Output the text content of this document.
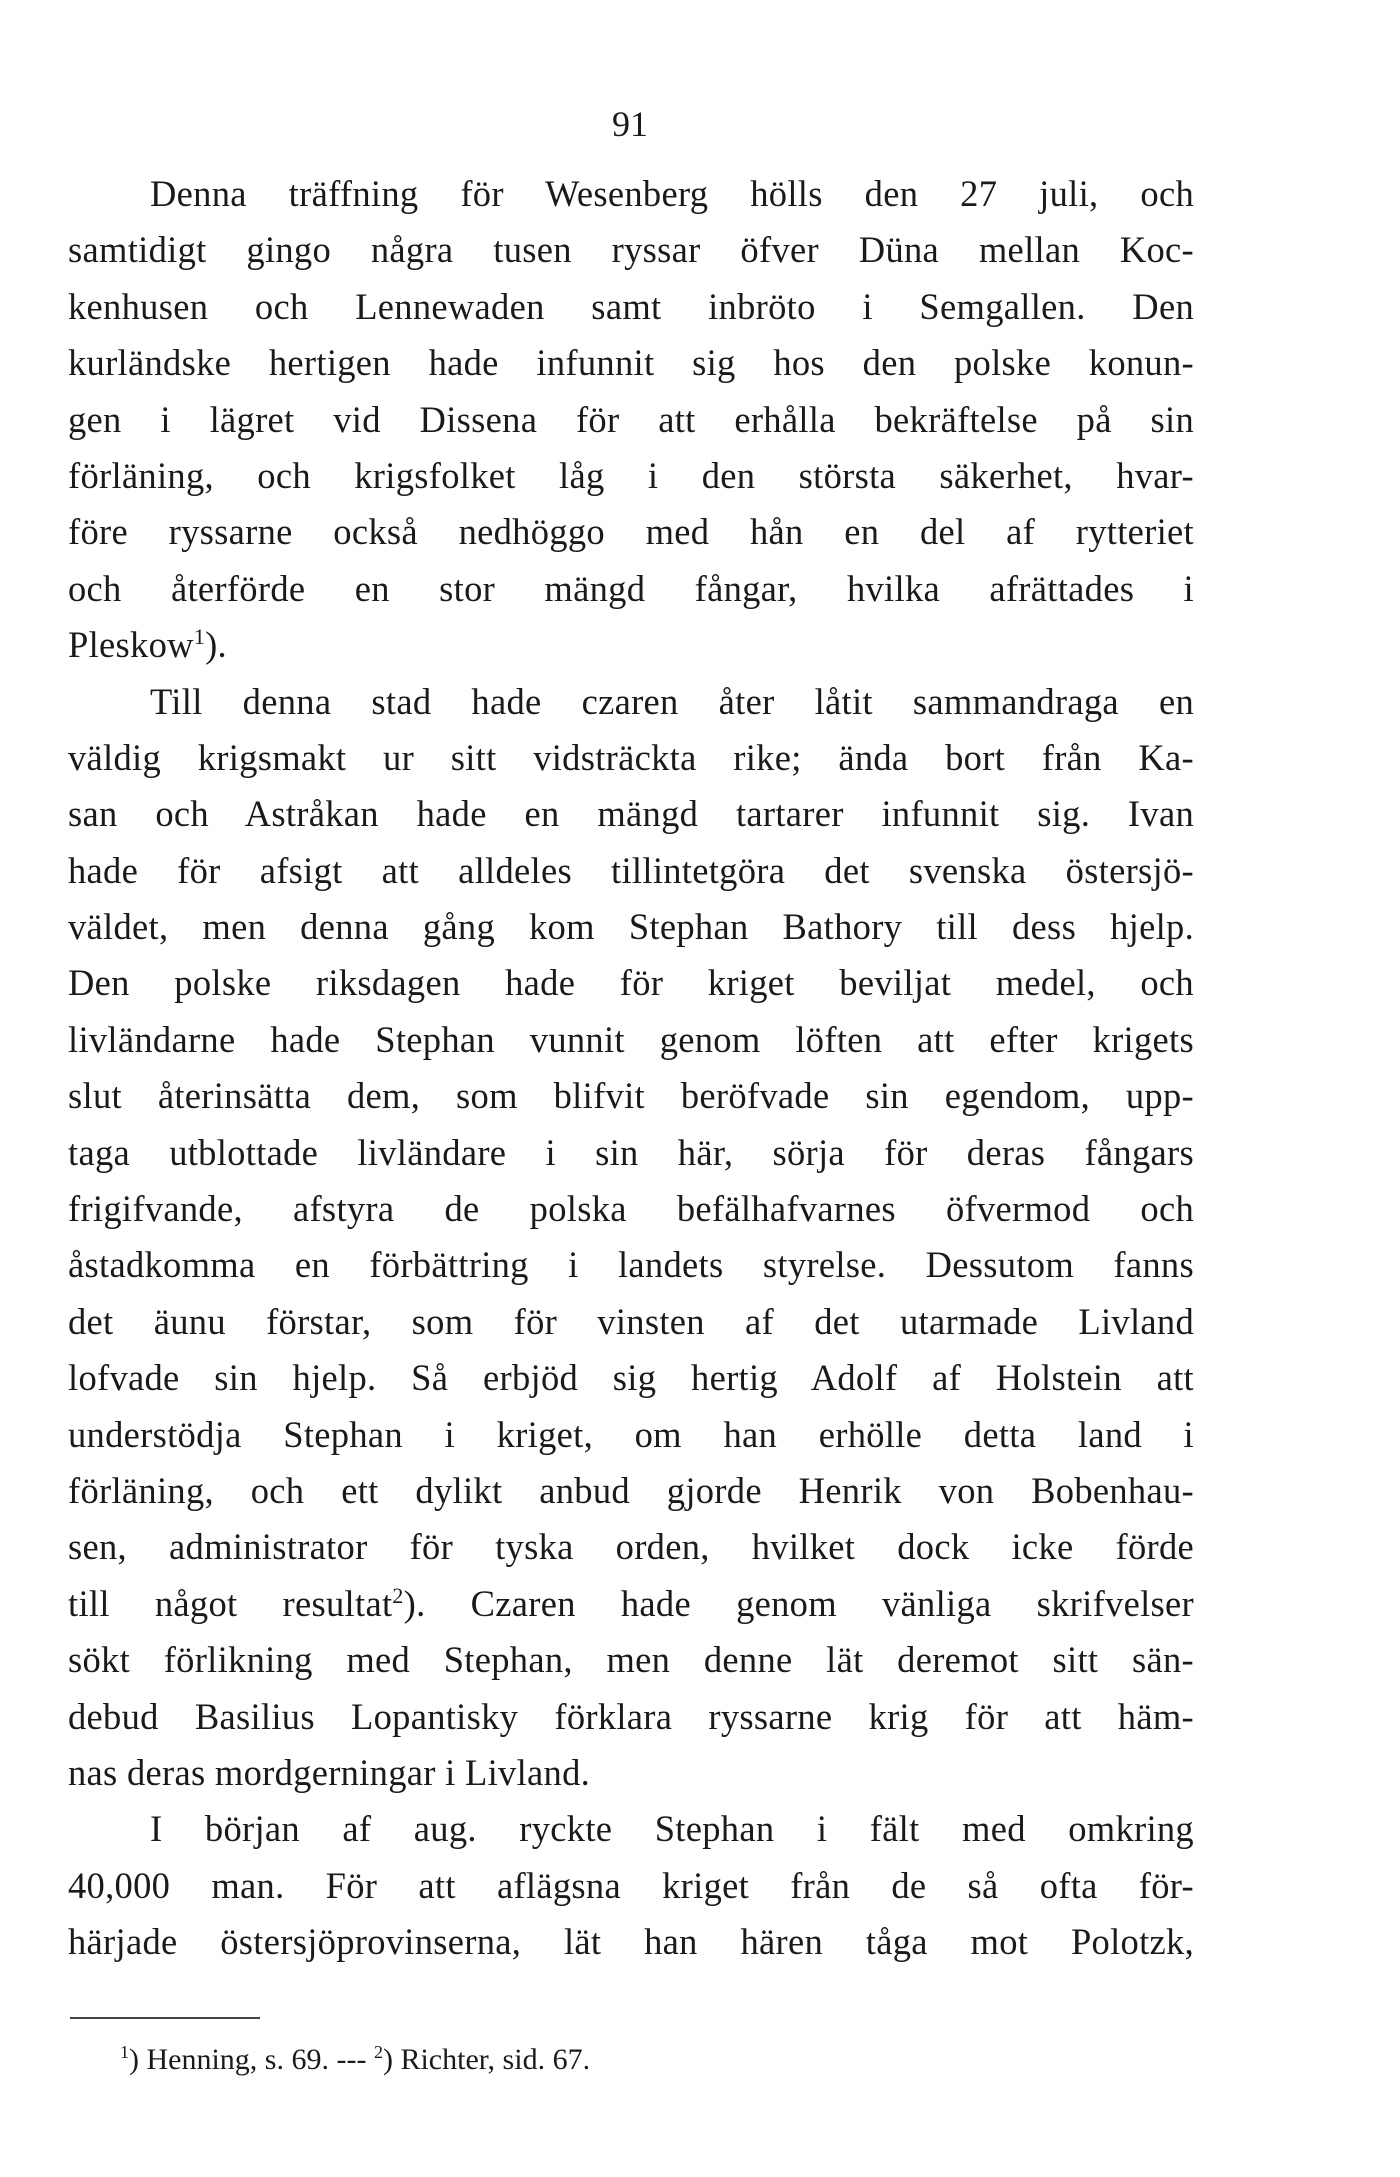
91
Denna träffning för Wesenberg hölls den 27 juli, och
samtidigt gingo några tusen ryssar öfver Düna mellan Koc-
kenhusen och Lennewaden samt inbröto i Semgallen. Den
kurländske hertigen hade infunnit sig hos den polske konun-
gen i lägret vid Dissena för att erhålla bekräftelse på sin
förläning, och krigsfolket låg i den största säkerhet, hvar-
före ryssarne också nedhöggo med hån en del af rytteriet
och återförde en stor mängd fångar, hvilka afrättades i
Pleskow$^1$).
Till denna stad hade czaren åter låtit sammandraga en
väldig krigsmakt ur sitt vidsträckta rike; ända bort från Ka-
san och Astråkan hade en mängd tartarer infunnit sig. Ivan
hade för afsigt att alldeles tillintetgöra det svenska östersjö-
väldet, men denna gång kom Stephan Bathory till dess hjelp.
Den polske riksdagen hade för kriget beviljat medel, och
livländarne hade Stephan vunnit genom löften att efter krigets
slut återinsätta dem, som blifvit beröfvade sin egendom, upp-
taga utblottade livländare i sin här, sörja för deras fångars
frigifvande, afstyra de polska befälhafvarnes öfvermod och
åstadkomma en förbättring i landets styrelse. Dessutom fanns
det äunu förstar, som för vinsten af det utarmade Livland
lofvade sin hjelp. Så erbjöd sig hertig Adolf af Holstein att
understödja Stephan i kriget, om han erhölle detta land i
förläning, och ett dylikt anbud gjorde Henrik von Bobenhau-
sen, administrator för tyska orden, hvilket dock icke förde
till något resultat$^2$). Czaren hade genom vänliga skrifvelser
sökt förlikning med Stephan, men denne lät deremot sitt sän-
debud Basilius Lopantisky förklara ryssarne krig för att häm-
nas deras mordgerningar i Livland.
I början af aug. ryckte Stephan i fält med omkring
40,000 man. För att aflägsna kriget från de så ofta för-
härjade östersjöprovinserna, lät han hären tåga mot Polotzk,
$^1$) Henning, s. 69. --- $^2$) Richter, sid. 67.
